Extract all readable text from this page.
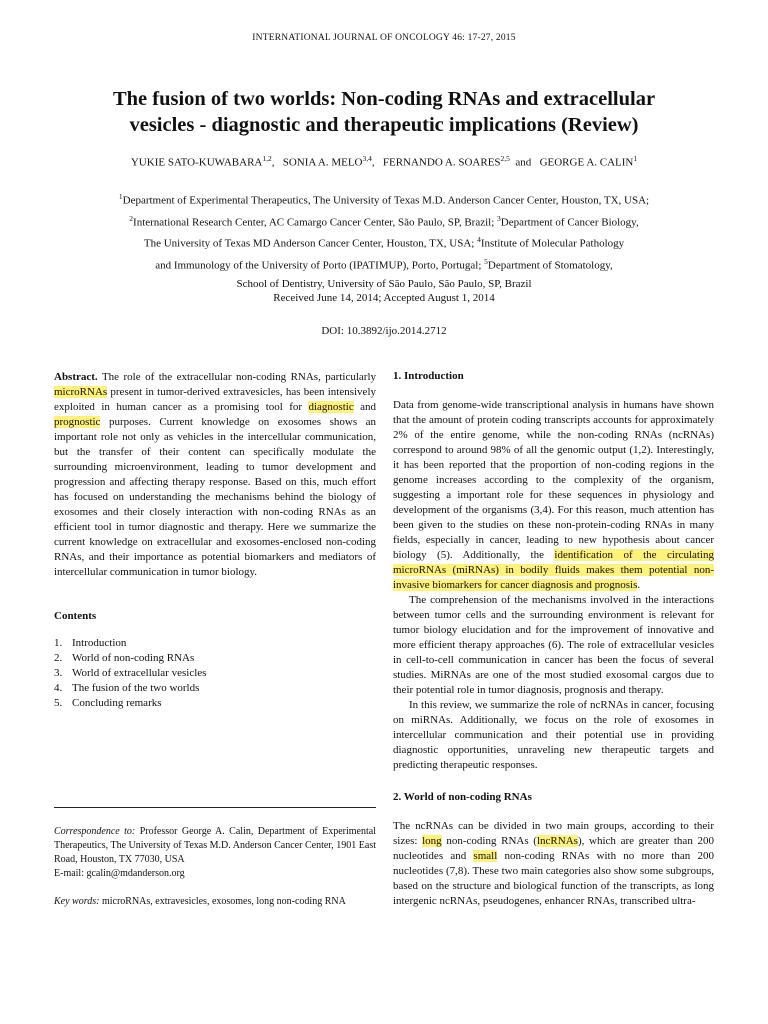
INTERNATIONAL JOURNAL OF ONCOLOGY 46: 17-27, 2015
The fusion of two worlds: Non-coding RNAs and extracellular
vesicles - diagnostic and therapeutic implications (Review)
YUKIE SATO-KUWABARA$^{1,2}$,   SONIA A. MELO$^{3,4}$,   FERNANDO A. SOARES$^{2,5}$  and   GEORGE A. CALIN$^1$
$^1$Department of Experimental Therapeutics, The University of Texas M.D. Anderson Cancer Center, Houston, TX, USA;
$^2$International Research Center, AC Camargo Cancer Center, São Paulo, SP, Brazil; $^3$Department of Cancer Biology,
The University of Texas MD Anderson Cancer Center, Houston, TX, USA; $^4$Institute of Molecular Pathology
and Immunology of the University of Porto (IPATIMUP), Porto, Portugal; $^5$Department of Stomatology,
School of Dentistry, University of São Paulo, São Paulo, SP, Brazil
Received June 14, 2014; Accepted August 1, 2014
DOI: 10.3892/ijo.2014.2712

Abstract. The role of the extracellular non-coding RNAs, particularly microRNAs present in tumor-derived extravesicles, has been intensively exploited in human cancer as a promising tool for diagnostic and prognostic purposes. Current knowledge on exosomes shows an important role not only as vehicles in the intercellular communication, but the transfer of their content can specifically modulate the surrounding microenvironment, leading to tumor development and progression and affecting therapy response. Based on this, much effort has focused on understanding the mechanisms behind the biology of exosomes and their closely interaction with non-coding RNAs as an efficient tool in tumor diagnostic and therapy. Here we summarize the current knowledge on extracellular and exosomes-enclosed non-coding RNAs, and their importance as potential biomarkers and mediators of intercellular communication in tumor biology.

Contents

1. Introduction
2. World of non-coding RNAs
3. World of extracellular vesicles
4. The fusion of the two worlds
5. Concluding remarks
Correspondence to: Professor George A. Calin, Department of Experimental Therapeutics, The University of Texas M.D. Anderson Cancer Center, 1901 East Road, Houston, TX 77030, USA
E-mail: gcalin@mdanderson.org
Key words: microRNAs, extravesicles, exosomes, long non-coding RNA

1. Introduction

Data from genome-wide transcriptional analysis in humans have shown that the amount of protein coding transcripts accounts for approximately 2% of the entire genome, while the non-coding RNAs (ncRNAs) correspond to around 98% of all the genomic output (1,2). Interestingly, it has been reported that the proportion of non-coding regions in the genome increases according to the complexity of the organism, suggesting a important role for these sequences in physiology and development of the organisms (3,4). For this reason, much attention has been given to the studies on these non-protein-coding RNAs in many fields, especially in cancer, leading to new hypothesis about cancer biology (5). Additionally, the identification of the circulating microRNAs (miRNAs) in bodily fluids makes them potential non-invasive biomarkers for cancer diagnosis and prognosis.

The comprehension of the mechanisms involved in the interactions between tumor cells and the surrounding environment is relevant for tumor biology elucidation and for the improvement of innovative and more efficient therapy approaches (6). The role of extracellular vesicles in cell-to-cell communication in cancer has been the focus of several studies. MiRNAs are one of the most studied exosomal cargos due to their potential role in tumor diagnosis, prognosis and therapy.

In this review, we summarize the role of ncRNAs in cancer, focusing on miRNAs. Additionally, we focus on the role of exosomes in intercellular communication and their potential use in providing diagnostic opportunities, unraveling new therapeutic targets and predicting therapeutic responses.

2. World of non-coding RNAs

The ncRNAs can be divided in two main groups, according to their sizes: long non-coding RNAs (lncRNAs), which are greater than 200 nucleotides and small non-coding RNAs with no more than 200 nucleotides (7,8). These two main categories also show some subgroups, based on the structure and biological function of the transcripts, as long intergenic ncRNAs, pseudogenes, enhancer RNAs, transcribed ultra-
